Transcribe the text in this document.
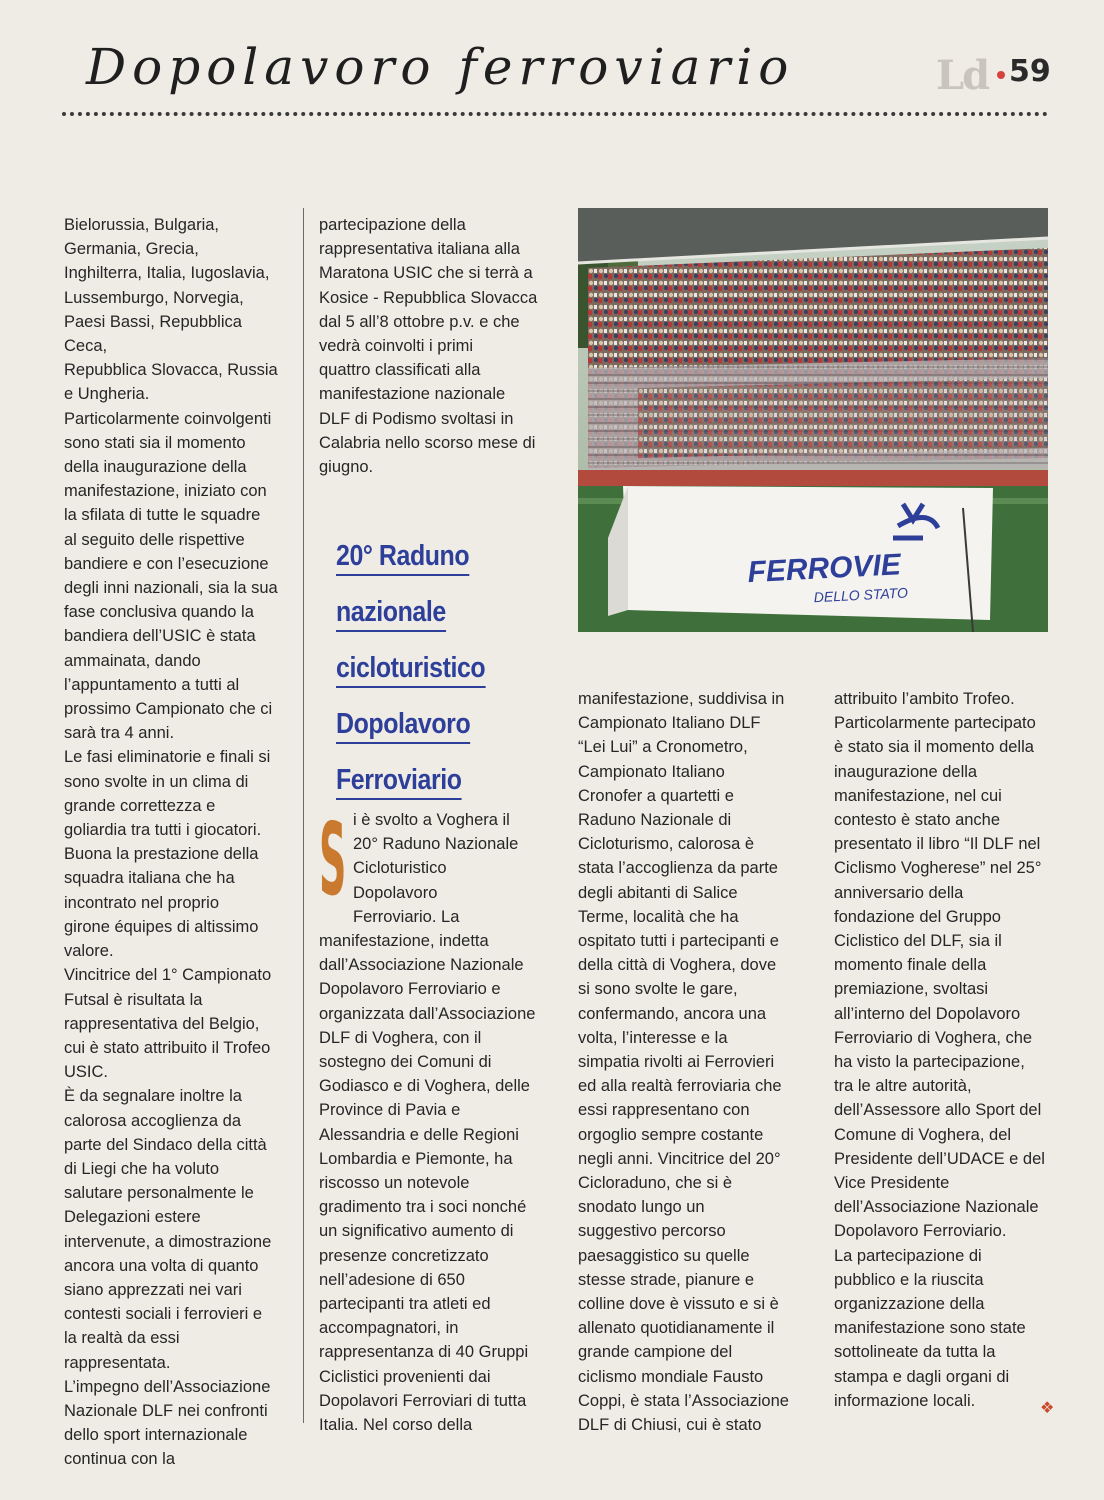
Dopolavoro ferroviario	Ld 59

Bielorussia, Bulgaria,

Germania, Grecia,

Inghilterra, Italia, Iugoslavia,

Lussemburgo, Norvegia,

Paesi Bassi, Repubblica Ceca,

Repubblica Slovacca, Russia

e Ungheria.

Particolarmente coinvolgenti

sono stati sia il momento

della inaugurazione della

manifestazione, iniziato con

la sfilata di tutte le squadre

al seguito delle rispettive

bandiere e con l’esecuzione

degli inni nazionali, sia la sua

fase conclusiva quando la

bandiera dell’USIC è stata

ammainata, dando

l’appuntamento a tutti al

prossimo Campionato che ci

sarà tra 4 anni.

Le fasi eliminatorie e finali si

sono svolte in un clima di

grande correttezza e

goliardia tra tutti i giocatori.

Buona la prestazione della

squadra italiana che ha

incontrato nel proprio

girone équipes di altissimo

valore.

Vincitrice del 1° Campionato

Futsal è risultata la

rappresentativa del Belgio,

cui è stato attribuito il Trofeo

USIC.

È da segnalare inoltre la

calorosa accoglienza da

parte del Sindaco della città

di Liegi che ha voluto

salutare personalmente le

Delegazioni estere

intervenute, a dimostrazione

ancora una volta di quanto

siano apprezzati nei vari

contesti sociali i ferrovieri e

la realtà da essi

rappresentata.

L’impegno dell’Associazione

Nazionale DLF nei confronti

dello sport internazionale

continua con la

partecipazione della

rappresentativa italiana alla

Maratona USIC che si terrà a

Kosice - Repubblica Slovacca

dal 5 all’8 ottobre p.v. e che

vedrà coinvolti i primi

quattro classificati alla

manifestazione nazionale

DLF di Podismo svoltasi in

Calabria nello scorso mese di

giugno.

20° Raduno
nazionale
cicloturistico
Dopolavoro
Ferroviario

S i è svolto a Voghera il

20° Raduno Nazionale

Cicloturistico

Dopolavoro

Ferroviario. La

manifestazione, indetta

dall’Associazione Nazionale

Dopolavoro Ferroviario e

organizzata dall’Associazione

DLF di Voghera, con il

sostegno dei Comuni di

Godiasco e di Voghera, delle

Province di Pavia e

Alessandria e delle Regioni

Lombardia e Piemonte, ha

riscosso un notevole

gradimento tra i soci nonché

un significativo aumento di

presenze concretizzato

nell’adesione di 650

partecipanti tra atleti ed

accompagnatori, in

rappresentanza di 40 Gruppi

Ciclistici provenienti dai

Dopolavori Ferroviari di tutta

Italia. Nel corso della

FERROVIE
DELLO STATO

manifestazione, suddivisa in

Campionato Italiano DLF

“Lei Lui” a Cronometro,

Campionato Italiano

Cronofer a quartetti e

Raduno Nazionale di

Cicloturismo, calorosa è

stata l’accoglienza da parte

degli abitanti di Salice

Terme, località che ha

ospitato tutti i partecipanti e

della città di Voghera, dove

si sono svolte le gare,

confermando, ancora una

volta, l’interesse e la

simpatia rivolti ai Ferrovieri

ed alla realtà ferroviaria che

essi rappresentano con

orgoglio sempre costante

negli anni. Vincitrice del 20°

Cicloraduno, che si è

snodato lungo un

suggestivo percorso

paesaggistico su quelle

stesse strade, pianure e

colline dove è vissuto e si è

allenato quotidianamente il

grande campione del

ciclismo mondiale Fausto

Coppi, è stata l’Associazione

DLF di Chiusi, cui è stato

attribuito l’ambito Trofeo.

Particolarmente partecipato

è stato sia il momento della

inaugurazione della

manifestazione, nel cui

contesto è stato anche

presentato il libro “Il DLF nel

Ciclismo Vogherese” nel 25°

anniversario della

fondazione del Gruppo

Ciclistico del DLF, sia il

momento finale della

premiazione, svoltasi

all’interno del Dopolavoro

Ferroviario di Voghera, che

ha visto la partecipazione,

tra le altre autorità,

dell’Assessore allo Sport del

Comune di Voghera, del

Presidente dell’UDACE e del

Vice Presidente

dell’Associazione Nazionale

Dopolavoro Ferroviario.

La partecipazione di

pubblico e la riuscita

organizzazione della

manifestazione sono state

sottolineate da tutta la

stampa e dagli organi di

informazione locali.	❖
